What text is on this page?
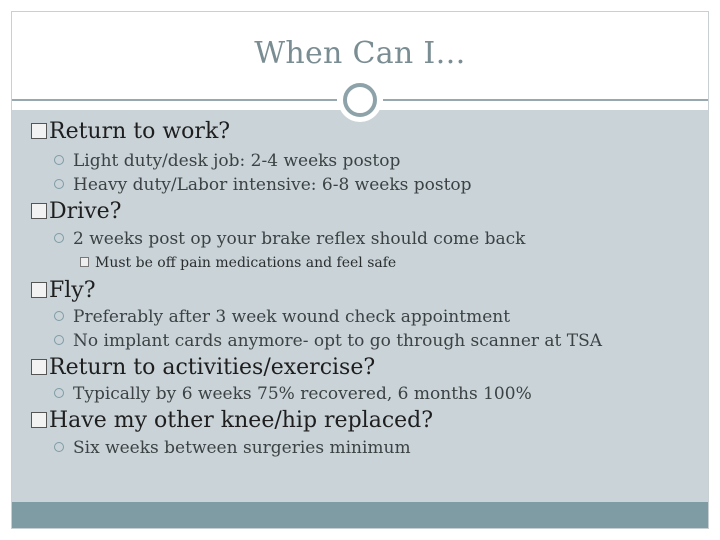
When Can I…
Return to work?
Light duty/desk job: 2-4 weeks postop
Heavy duty/Labor intensive: 6-8 weeks postop
Drive?
2 weeks post op your brake reflex should come back
Must be off pain medications and feel safe
Fly?
Preferably after 3 week wound check appointment
No implant cards anymore- opt to go through scanner at TSA
Return to activities/exercise?
Typically by 6 weeks 75% recovered, 6 months 100%
Have my other knee/hip replaced?
Six weeks between surgeries minimum
